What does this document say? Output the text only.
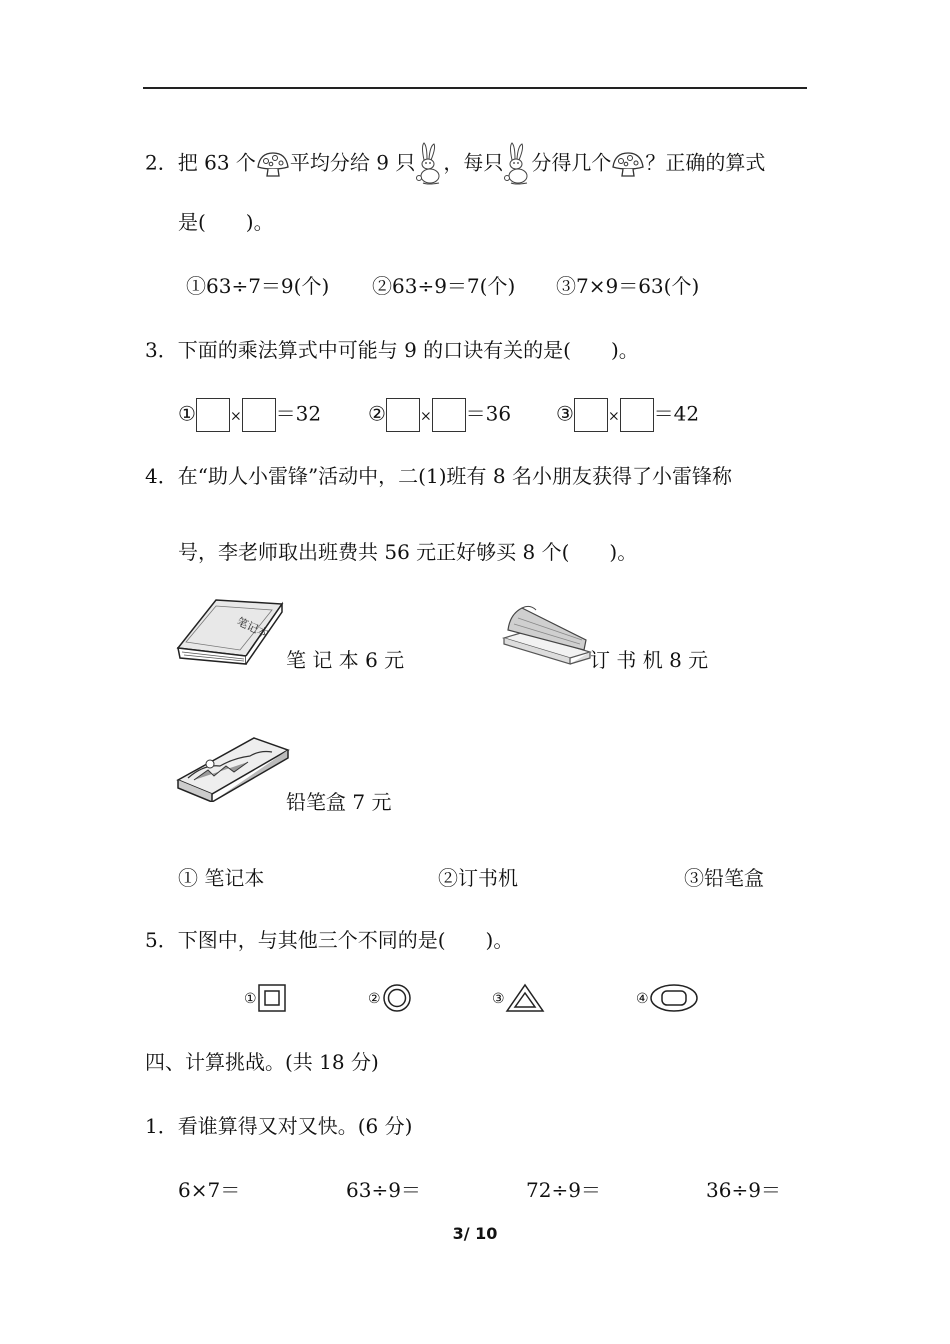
2．把 63 个 平均分给 9 只 ，每只 分得几个 ？正确的算式
是(　　)。
①63÷7＝9(个) ②63÷9＝7(个) ③7×9＝63(个)
3．下面的乘法算式中可能与 9 的口诀有关的是(　　)。
① × ＝32 ② × ＝36 ③ × ＝42
4．在“助人小雷锋”活动中，二(1)班有 8 名小朋友获得了小雷锋称
号，李老师取出班费共 56 元正好够买 8 个(　　)。
笔记本
笔 记 本 6 元	订 书 机 8 元
铅笔盒 7 元
① 笔记本	②订书机	③铅笔盒
5．下图中，与其他三个不同的是(　　)。
①	②	③	④
四、计算挑战。(共 18 分)
1．看谁算得又对又快。(6 分)
6×7＝	63÷9＝	72÷9＝	36÷9＝
3/ 10
